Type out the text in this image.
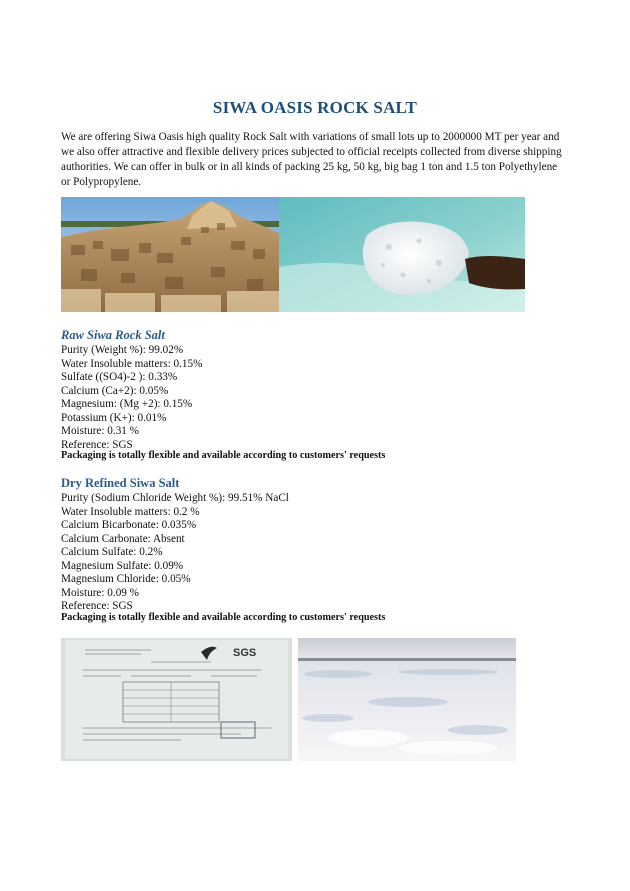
SIWA OASIS ROCK SALT
We are offering Siwa Oasis high quality Rock Salt with variations of small lots up to 2000000 MT per year and we also offer attractive and flexible delivery prices subjected to official receipts collected from diverse shipping authorities. We can offer in bulk or in all kinds of packing 25 kg, 50 kg, big bag 1 ton and 1.5 ton Polyethylene or Polypropylene.
Raw Siwa Rock Salt
Purity (Weight %): 99.02%
Water Insoluble matters: 0.15%
Sulfate ((SO4)-2 ): 0.33%
Calcium (Ca+2): 0.05%
Magnesium: (Mg +2): 0.15%
Potassium (K+): 0.01%
Moisture: 0.31 %
Reference: SGS
Packaging is totally flexible and available according to customers' requests
Dry Refined Siwa Salt
Purity (Sodium Chloride Weight %): 99.51% NaCl
Water Insoluble matters: 0.2 %
Calcium Bicarbonate: 0.035%
Calcium Carbonate: Absent
Calcium Sulfate: 0.2%
Magnesium Sulfate: 0.09%
Magnesium Chloride: 0.05%
Moisture: 0.09 %
Reference: SGS
Packaging is totally flexible and available according to customers' requests
SGS
